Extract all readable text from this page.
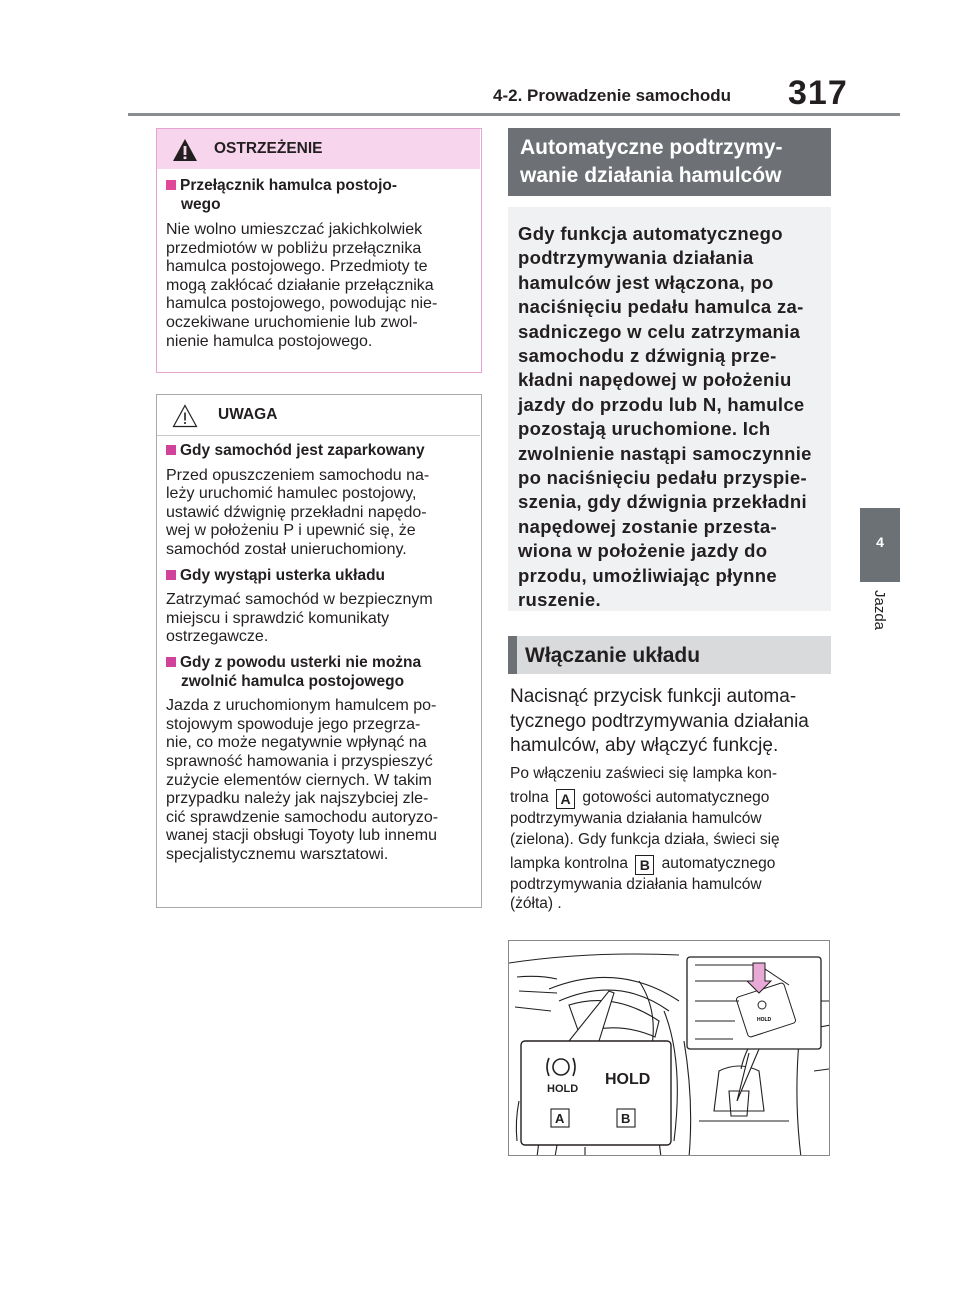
4-2. Prowadzenie samochodu 317
4
Jazda
OSTRZEŻENIE
Przełącznik hamulca postojo-
wego
Nie wolno umieszczać jakichkolwiek
przedmiotów w pobliżu przełącznika
hamulca postojowego. Przedmioty te
mogą zakłócać działanie przełącznika
hamulca postojowego, powodując nie-
oczekiwane uruchomienie lub zwol-
nienie hamulca postojowego.
UWAGA
Gdy samochód jest zaparkowany
Przed opuszczeniem samochodu na-
leży uruchomić hamulec postojowy,
ustawić dźwignię przekładni napędo-
wej w położeniu P i upewnić się, że
samochód został unieruchomiony.
Gdy wystąpi usterka układu
Zatrzymać samochód w bezpiecznym
miejscu i sprawdzić komunikaty
ostrzegawcze.
Gdy z powodu usterki nie można
zwolnić hamulca postojowego
Jazda z uruchomionym hamulcem po-
stojowym spowoduje jego przegrza-
nie, co może negatywnie wpłynąć na
sprawność hamowania i przyspieszyć
zużycie elementów ciernych. W takim
przypadku należy jak najszybciej zle-
cić sprawdzenie samochodu autoryzo-
wanej stacji obsługi Toyoty lub innemu
specjalistycznemu warsztatowi.
Automatyczne podtrzymy-
wanie działania hamulców
Gdy funkcja automatycznego
podtrzymywania działania
hamulców jest włączona, po
naciśnięciu pedału hamulca za-
sadniczego w celu zatrzymania
samochodu z dźwignią prze-
kładni napędowej w położeniu
jazdy do przodu lub N, hamulce
pozostają uruchomione. Ich
zwolnienie nastąpi samoczynnie
po naciśnięciu pedału przyspie-
szenia, gdy dźwignia przekładni
napędowej zostanie przesta-
wiona w położenie jazdy do
przodu, umożliwiając płynne
ruszenie.
Włączanie układu
Nacisnąć przycisk funkcji automa-
tycznego podtrzymywania działania
hamulców, aby włączyć funkcję.
Po włączeniu zaświeci się lampka kon-
trolna A gotowości automatycznego
podtrzymywania działania hamulców
(zielona). Gdy funkcja działa, świeci się
lampka kontrolna B automatycznego
podtrzymywania działania hamulców
(żółta) .
HOLD
HOLD
HOLD
A	B
